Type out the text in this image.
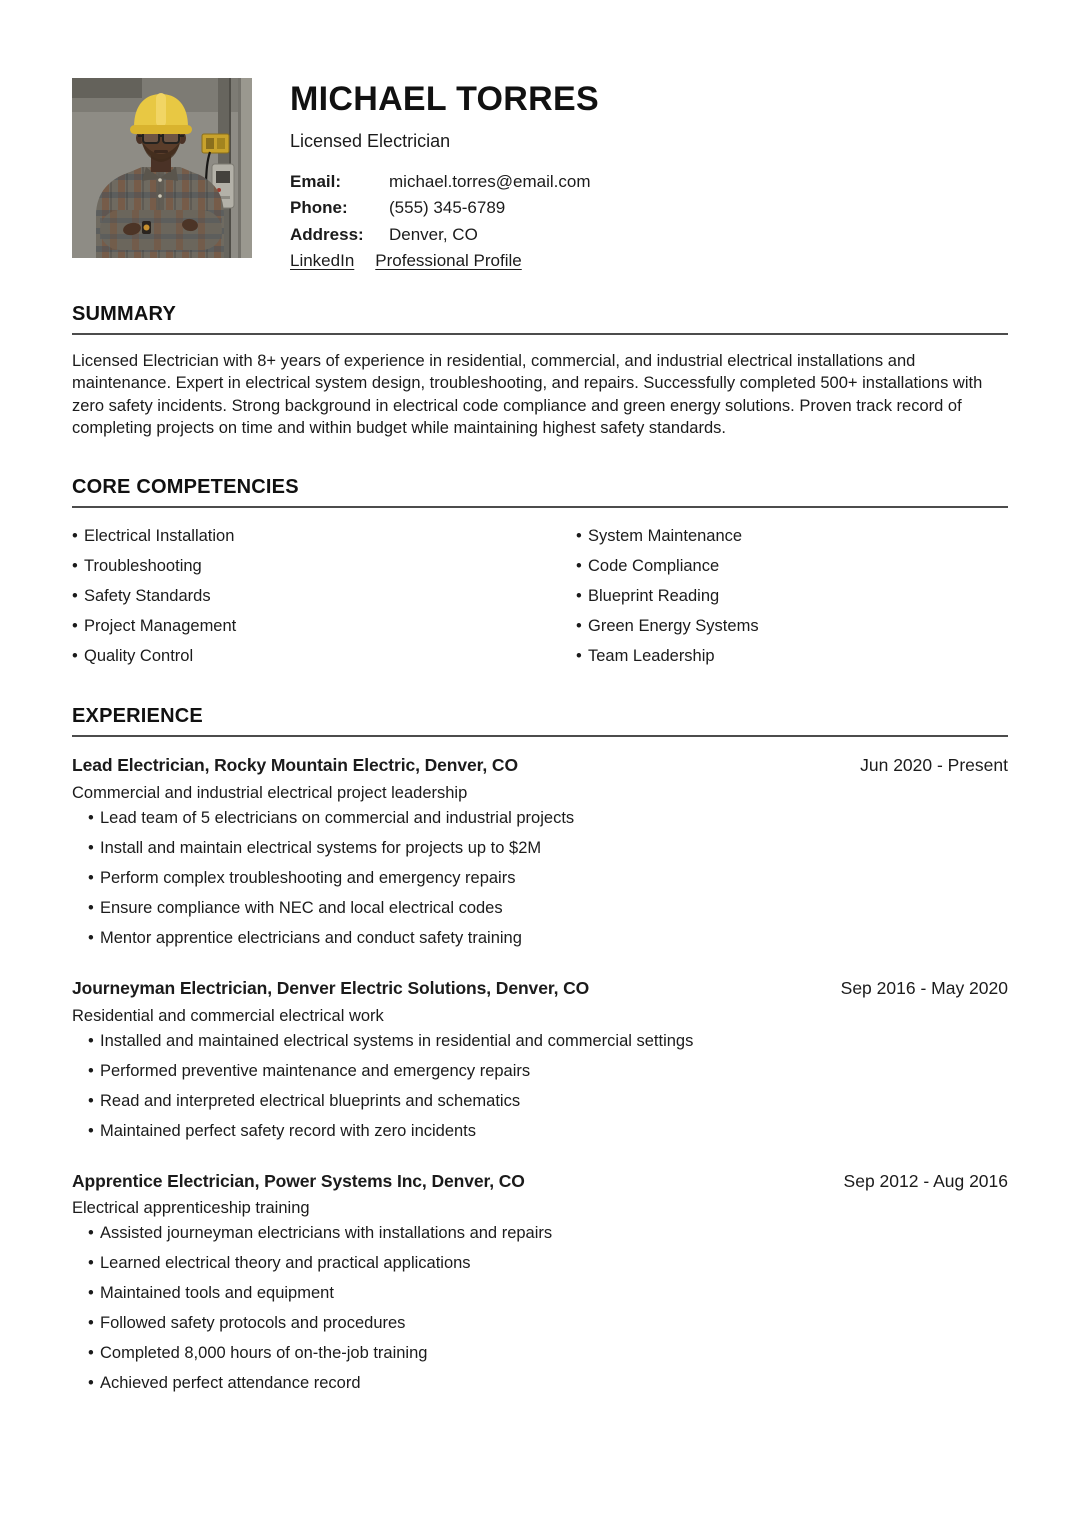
MICHAEL TORRES
Licensed Electrician
Email:	michael.torres@email.com
Phone:	(555) 345-6789
Address:	Denver, CO
LinkedIn Professional Profile
SUMMARY

Licensed Electrician with 8+ years of experience in residential, commercial, and industrial electrical installations and maintenance. Expert in electrical system design, troubleshooting, and repairs. Successfully completed 500+ installations with zero safety incidents. Strong background in electrical code compliance and green energy solutions. Proven track record of completing projects on time and within budget while maintaining highest safety standards.

CORE COMPETENCIES
• Electrical Installation
• Troubleshooting
• Safety Standards
• Project Management
• Quality Control
• System Maintenance
• Code Compliance
• Blueprint Reading
• Green Energy Systems
• Team Leadership
EXPERIENCE
Lead Electrician, Rocky Mountain Electric, Denver, CO	Jun 2020 - Present
Commercial and industrial electrical project leadership
• Lead team of 5 electricians on commercial and industrial projects
• Install and maintain electrical systems for projects up to $2M
• Perform complex troubleshooting and emergency repairs
• Ensure compliance with NEC and local electrical codes
• Mentor apprentice electricians and conduct safety training
Journeyman Electrician, Denver Electric Solutions, Denver, CO	Sep 2016 - May 2020
Residential and commercial electrical work
• Installed and maintained electrical systems in residential and commercial settings
• Performed preventive maintenance and emergency repairs
• Read and interpreted electrical blueprints and schematics
• Maintained perfect safety record with zero incidents
Apprentice Electrician, Power Systems Inc, Denver, CO	Sep 2012 - Aug 2016
Electrical apprenticeship training
• Assisted journeyman electricians with installations and repairs
• Learned electrical theory and practical applications
• Maintained tools and equipment
• Followed safety protocols and procedures
• Completed 8,000 hours of on-the-job training
• Achieved perfect attendance record
